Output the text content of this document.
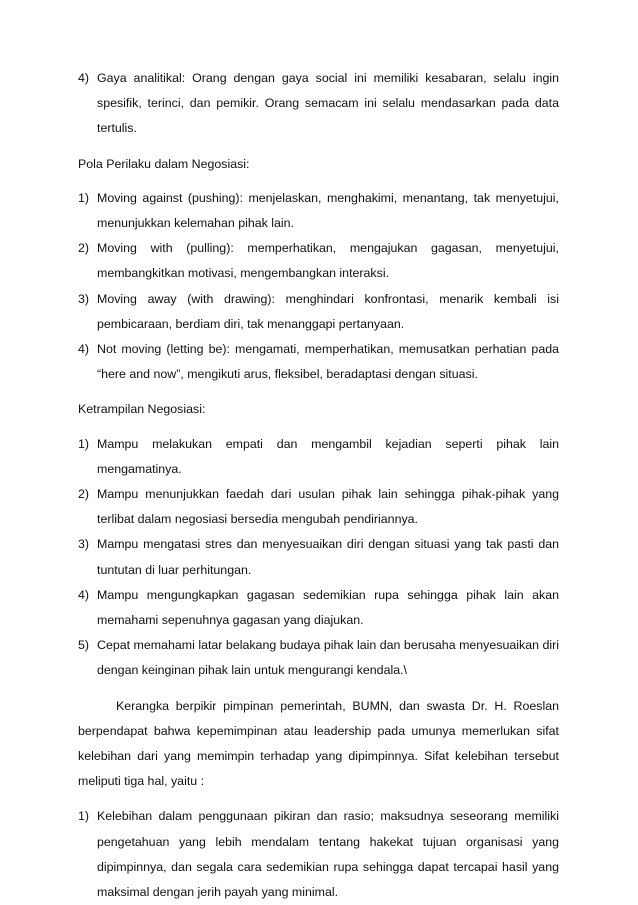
4) Gaya analitikal: Orang dengan gaya social ini memiliki kesabaran, selalu ingin spesifik, terinci, dan pemikir. Orang semacam ini selalu mendasarkan pada data tertulis.

Pola Perilaku dalam Negosiasi:

1) Moving against (pushing): menjelaskan, menghakimi, menantang, tak menyetujui, menunjukkan kelemahan pihak lain.
2) Moving with (pulling): memperhatikan, mengajukan gagasan, menyetujui, membangkitkan motivasi, mengembangkan interaksi.
3) Moving away (with drawing): menghindari konfrontasi, menarik kembali isi pembicaraan, berdiam diri, tak menanggapi pertanyaan.
4) Not moving (letting be): mengamati, memperhatikan, memusatkan perhatian pada “here and now”, mengikuti arus, fleksibel, beradaptasi dengan situasi.

Ketrampilan Negosiasi:

1) Mampu melakukan empati dan mengambil kejadian seperti pihak lain mengamatinya.
2) Mampu menunjukkan faedah dari usulan pihak lain sehingga pihak-pihak yang terlibat dalam negosiasi bersedia mengubah pendiriannya.
3) Mampu mengatasi stres dan menyesuaikan diri dengan situasi yang tak pasti dan tuntutan di luar perhitungan.
4) Mampu mengungkapkan gagasan sedemikian rupa sehingga pihak lain akan memahami sepenuhnya gagasan yang diajukan.
5) Cepat memahami latar belakang budaya pihak lain dan berusaha menyesuaikan diri dengan keinginan pihak lain untuk mengurangi kendala.\

Kerangka berpikir pimpinan pemerintah, BUMN, dan swasta Dr. H. Roeslan berpendapat bahwa kepemimpinan atau leadership pada umunya memerlukan sifat kelebihan dari yang memimpin terhadap yang dipimpinnya. Sifat kelebihan tersebut meliputi tiga hal, yaitu :

1) Kelebihan dalam penggunaan pikiran dan rasio; maksudnya seseorang memiliki pengetahuan yang lebih mendalam tentang hakekat tujuan organisasi yang dipimpinnya, dan segala cara sedemikian rupa sehingga dapat tercapai hasil yang maksimal dengan jerih payah yang minimal.
